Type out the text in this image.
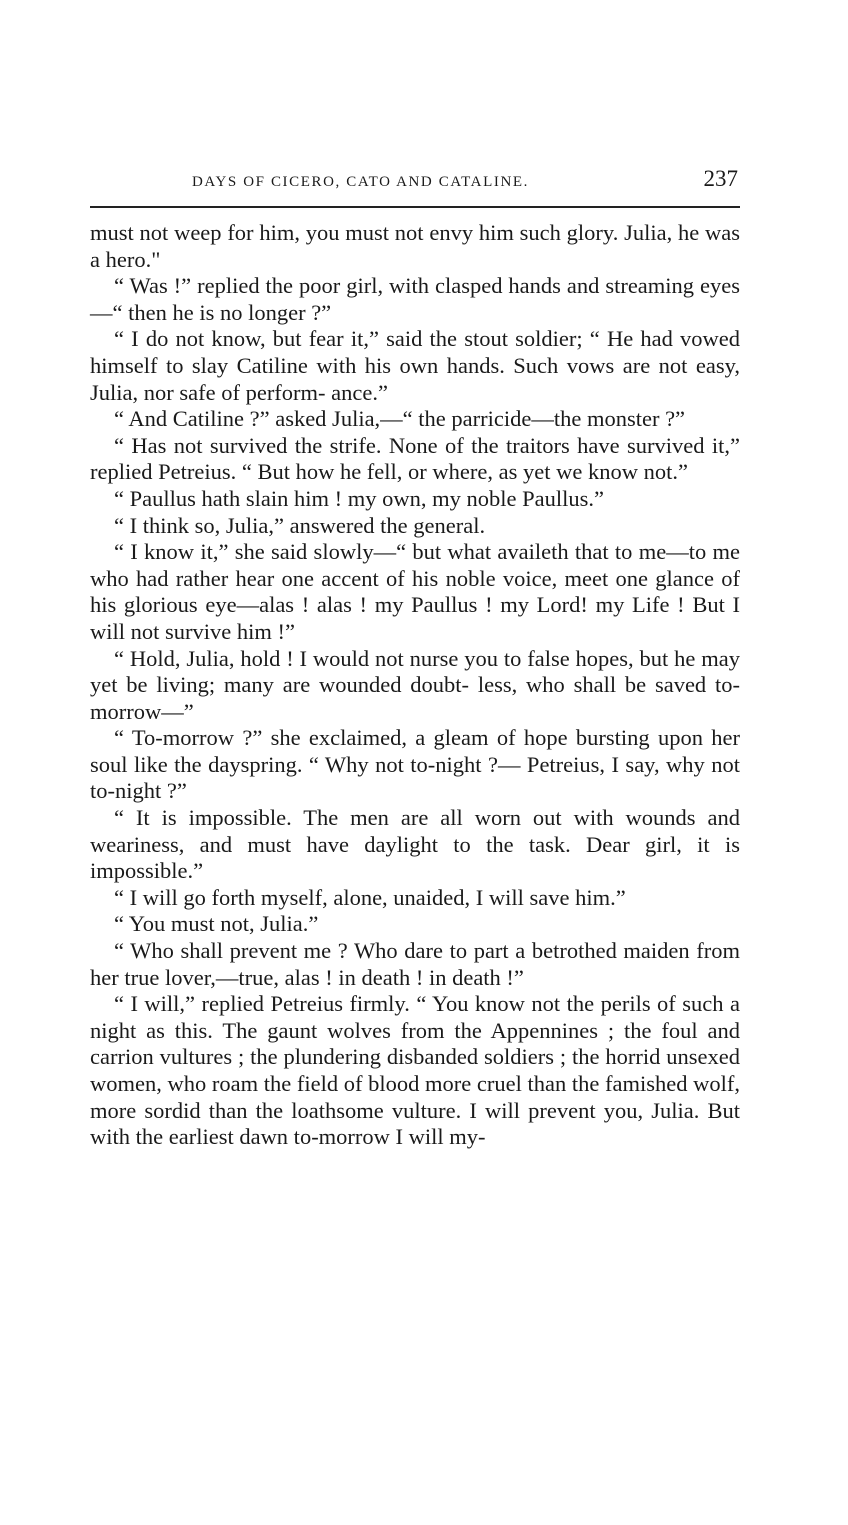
DAYS OF CICERO, CATO AND CATALINE.	237

must not weep for him, you must not envy him such glory. Julia, he was a hero."

“ Was !” replied the poor girl, with clasped hands and streaming eyes—“ then he is no longer ?”

“ I do not know, but fear it,” said the stout soldier; “ He had vowed himself to slay Catiline with his own hands. Such vows are not easy, Julia, nor safe of perform- ance.”

“ And Catiline ?” asked Julia,—“ the parricide—the monster ?”

“ Has not survived the strife. None of the traitors have survived it,” replied Petreius. “ But how he fell, or where, as yet we know not.”

“ Paullus hath slain him ! my own, my noble Paullus.”

“ I think so, Julia,” answered the general.

“ I know it,” she said slowly—“ but what availeth that to me—to me who had rather hear one accent of his noble voice, meet one glance of his glorious eye—alas ! alas ! my Paullus ! my Lord! my Life ! But I will not survive him !”

“ Hold, Julia, hold ! I would not nurse you to false hopes, but he may yet be living; many are wounded doubt- less, who shall be saved to-morrow—”

“ To-morrow ?” she exclaimed, a gleam of hope bursting upon her soul like the dayspring. “ Why not to-night ?— Petreius, I say, why not to-night ?”

“ It is impossible. The men are all worn out with wounds and weariness, and must have daylight to the task. Dear girl, it is impossible.”

“ I will go forth myself, alone, unaided, I will save him.”

“ You must not, Julia.”

“ Who shall prevent me ? Who dare to part a betrothed maiden from her true lover,—true, alas ! in death ! in death !”

“ I will,” replied Petreius firmly. “ You know not the perils of such a night as this. The gaunt wolves from the Appennines ; the foul and carrion vultures ; the plundering disbanded soldiers ; the horrid unsexed women, who roam the field of blood more cruel than the famished wolf, more sordid than the loathsome vulture. I will prevent you, Julia. But with the earliest dawn to-morrow I will my-
